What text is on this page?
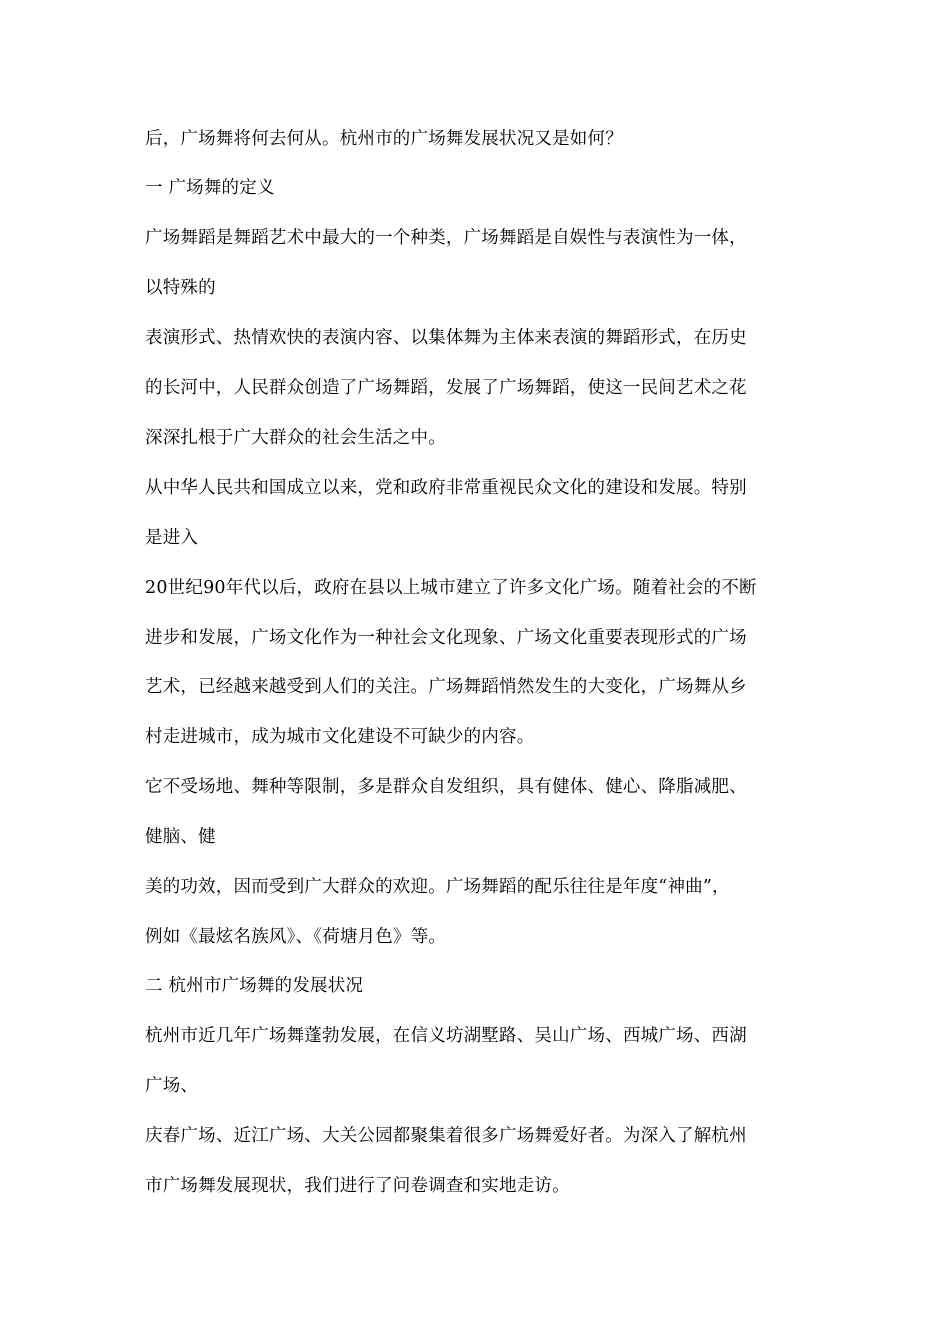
后，广场舞将何去何从。杭州市的广场舞发展状况又是如何？
一 广场舞的定义
广场舞蹈是舞蹈艺术中最大的一个种类，广场舞蹈是自娱性与表演性为一体，
以特殊的
表演形式、热情欢快的表演内容、以集体舞为主体来表演的舞蹈形式，在历史
的长河中，人民群众创造了广场舞蹈，发展了广场舞蹈，使这一民间艺术之花
深深扎根于广大群众的社会生活之中。
从中华人民共和国成立以来，党和政府非常重视民众文化的建设和发展。特别
是进入
20世纪90年代以后，政府在县以上城市建立了许多文化广场。随着社会的不断
进步和发展，广场文化作为一种社会文化现象、广场文化重要表现形式的广场
艺术，已经越来越受到人们的关注。广场舞蹈悄然发生的大变化，广场舞从乡
村走进城市，成为城市文化建设不可缺少的内容。
它不受场地、舞种等限制，多是群众自发组织，具有健体、健心、降脂减肥、
健脑、健
美的功效，因而受到广大群众的欢迎。广场舞蹈的配乐往往是年度“神曲”，
例如《最炫名族风》、《荷塘月色》等。
二 杭州市广场舞的发展状况
杭州市近几年广场舞蓬勃发展，在信义坊湖墅路、吴山广场、西城广场、西湖
广场、
庆春广场、近江广场、大关公园都聚集着很多广场舞爱好者。为深入了解杭州
市广场舞发展现状，我们进行了问卷调查和实地走访。
